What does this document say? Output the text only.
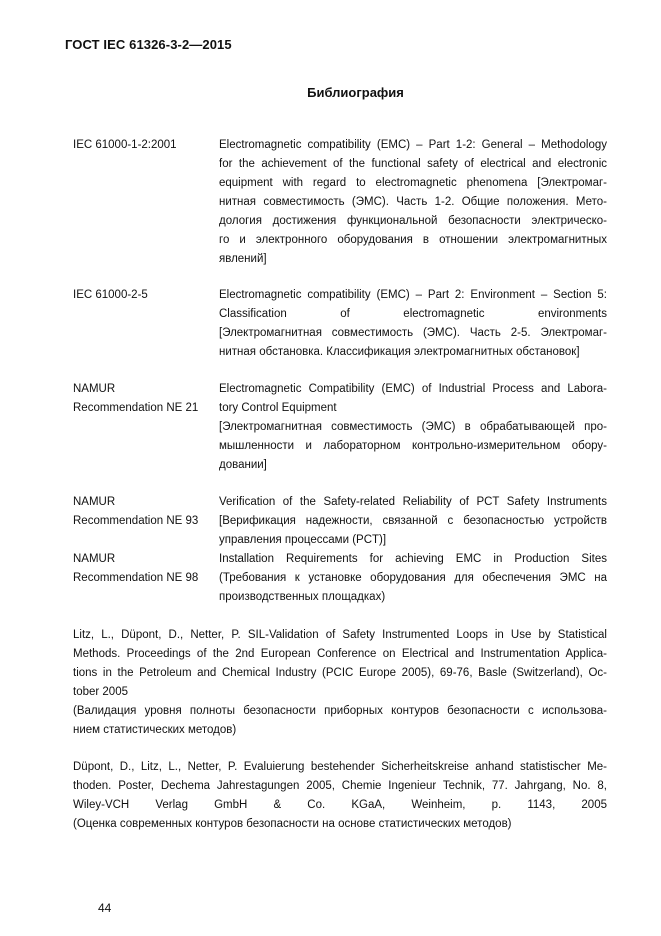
ГОСТ IEC 61326-3-2—2015
Библиография
IEC 61000-1-2:2001	Electromagnetic compatibility (EMC) – Part 1-2: General – Methodology
for the achievement of the functional safety of electrical and electronic
equipment with regard to electromagnetic phenomena [Электромаг-
нитная совместимость (ЭМС). Часть 1-2. Общие положения. Мето-
дология достижения функциональной безопасности электрическо-
го и электронного оборудования в отношении электромагнитных
явлений]
IEC 61000-2-5	Electromagnetic compatibility (EMC) – Part 2: Environment – Section 5:
Classification of electromagnetic environments
[Электромагнитная совместимость (ЭМС). Часть 2-5. Электромаг-
нитная обстановка. Классификация электромагнитных обстановок]
NAMUR
Recommendation NE 21
Electromagnetic Compatibility (EMC) of Industrial Process and Labora-
tory Control Equipment
[Электромагнитная совместимость (ЭМС) в обрабатывающей про-
мышленности и лабораторном контрольно-измерительном обору-
довании]
NAMUR
Recommendation NE 93
Verification of the Safety-related Reliability of PCT Safety Instruments
[Верификация надежности, связанной с безопасностью устройств
управления процессами (PCT)]
NAMUR
Recommendation NE 98
Installation Requirements for achieving EMC in Production Sites
(Требования к установке оборудования для обеспечения ЭМС на
производственных площадках)
Litz, L., Düpont, D., Netter, P. SIL-Validation of Safety Instrumented Loops in Use by Statistical
Methods. Proceedings of the 2nd European Conference on Electrical and Instrumentation Applica-
tions in the Petroleum and Chemical Industry (PCIC Europe 2005), 69-76, Basle (Switzerland), Oc-
tober 2005
(Валидация уровня полноты безопасности приборных контуров безопасности с использова-
нием статистических методов)
Düpont, D., Litz, L., Netter, P. Evaluierung bestehender Sicherheitskreise anhand statistischer Me-
thoden. Poster, Dechema Jahrestagungen 2005, Chemie Ingenieur Technik, 77. Jahrgang, No. 8,
Wiley-VCH Verlag GmbH & Co. KGaA, Weinheim, p. 1143, 2005
(Оценка современных контуров безопасности на основе статистических методов)
44
